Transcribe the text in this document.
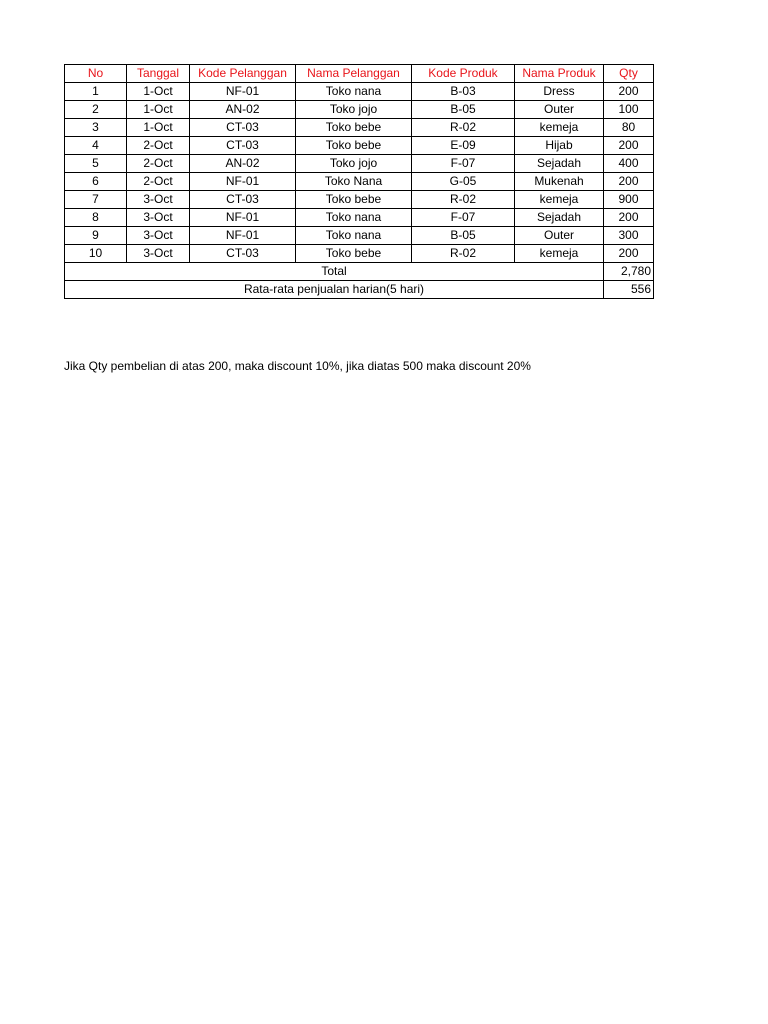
No	Tanggal	Kode Pelanggan	Nama Pelanggan	Kode Produk	Nama Produk	Qty
1	1-Oct	NF-01	Toko nana	B-03	Dress	200
2	1-Oct	AN-02	Toko jojo	B-05	Outer	100
3	1-Oct	CT-03	Toko bebe	R-02	kemeja	80
4	2-Oct	CT-03	Toko bebe	E-09	Hijab	200
5	2-Oct	AN-02	Toko jojo	F-07	Sejadah	400
6	2-Oct	NF-01	Toko Nana	G-05	Mukenah	200
7	3-Oct	CT-03	Toko bebe	R-02	kemeja	900
8	3-Oct	NF-01	Toko nana	F-07	Sejadah	200
9	3-Oct	NF-01	Toko nana	B-05	Outer	300
10	3-Oct	CT-03	Toko bebe	R-02	kemeja	200
Total						2,780
Rata-rata penjualan harian(5 hari)						556
Jika Qty pembelian di atas 200, maka discount 10%, jika diatas 500 maka discount 20%
